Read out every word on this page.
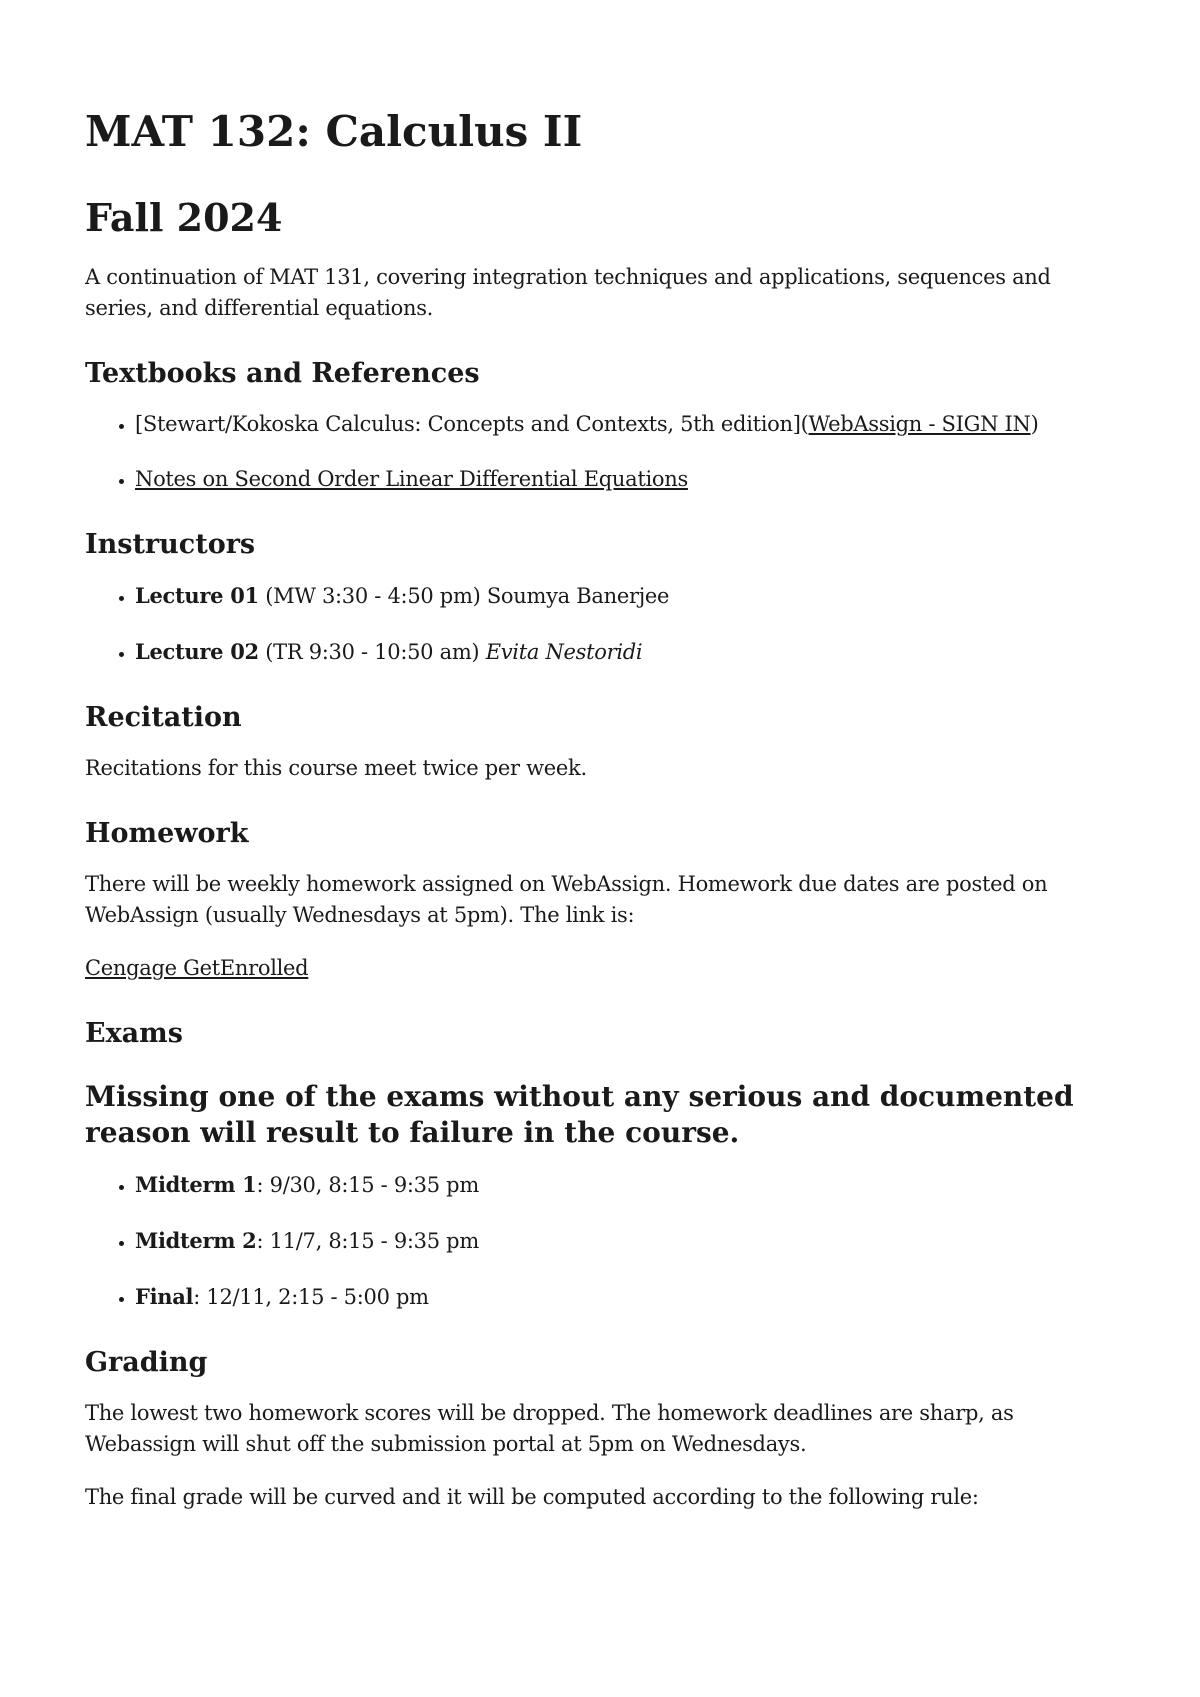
MAT 132: Calculus II
Fall 2024

A continuation of MAT 131, covering integration techniques and applications, sequences and series, and differential equations.

Textbooks and References
• [Stewart/Kokoska Calculus: Concepts and Contexts, 5th edition](WebAssign - SIGN IN)
• Notes on Second Order Linear Differential Equations
Instructors
• Lecture 01 (MW 3:30 - 4:50 pm) Soumya Banerjee
• Lecture 02 (TR 9:30 - 10:50 am) Evita Nestoridi
Recitation

Recitations for this course meet twice per week.

Homework

There will be weekly homework assigned on WebAssign. Homework due dates are posted on WebAssign (usually Wednesdays at 5pm). The link is:

Cengage GetEnrolled

Exams
Missing one of the exams without any serious and documented reason will result to failure in the course.
• Midterm 1: 9/30, 8:15 - 9:35 pm
• Midterm 2: 11/7, 8:15 - 9:35 pm
• Final: 12/11, 2:15 - 5:00 pm
Grading

The lowest two homework scores will be dropped. The homework deadlines are sharp, as Webassign will shut off the submission portal at 5pm on Wednesdays.

The final grade will be curved and it will be computed according to the following rule:
